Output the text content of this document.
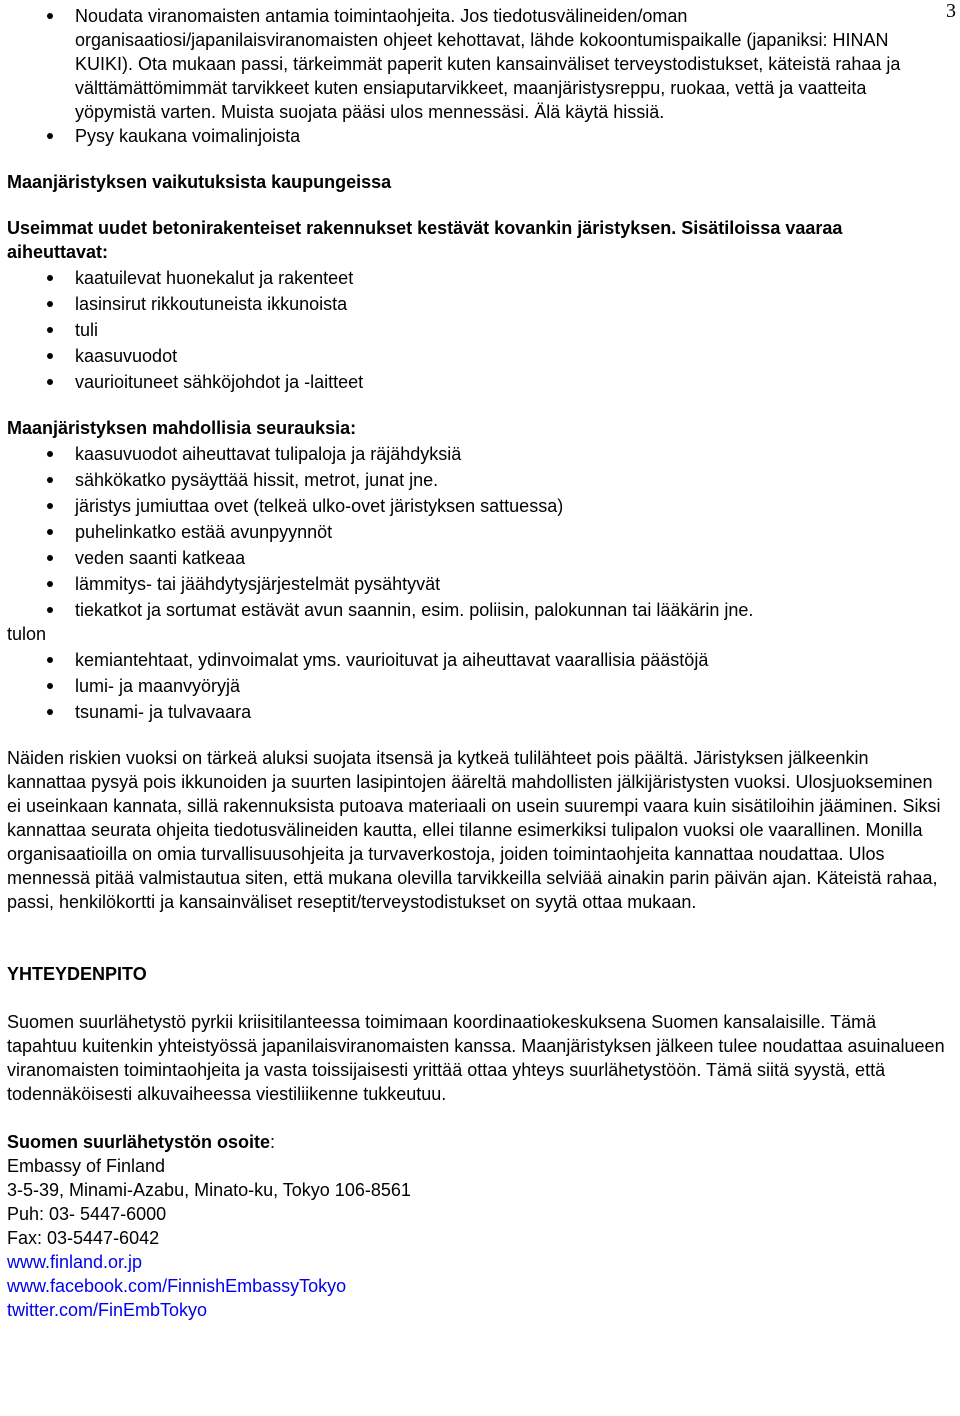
3
Noudata viranomaisten antamia toimintaohjeita. Jos tiedotusvälineiden/oman organisaatiosi/japanilaisviranomaisten ohjeet kehottavat, lähde kokoontumispaikalle (japaniksi: HINAN KUIKI). Ota mukaan passi, tärkeimmät paperit kuten kansainväliset terveystodistukset, käteistä rahaa ja välttämättömimmät tarvikkeet kuten ensiaputarvikkeet, maanjäristysreppu, ruokaa, vettä ja vaatteita yöpymistä varten. Muista suojata pääsi ulos mennessäsi. Älä käytä hissiä.
Pysy kaukana voimalinjoista

Maanjäristyksen vaikutuksista kaupungeissa

Useimmat uudet betonirakenteiset rakennukset kestävät kovankin järistyksen. Sisätiloissa vaaraa aiheuttavat:

kaatuilevat huonekalut ja rakenteet
lasinsirut rikkoutuneista ikkunoista
tuli
kaasuvuodot
vaurioituneet sähköjohdot ja -laitteet

Maanjäristyksen mahdollisia seurauksia:

kaasuvuodot aiheuttavat tulipaloja ja räjähdyksiä
sähkökatko pysäyttää hissit, metrot, junat jne.
järistys jumiuttaa ovet (telkeä ulko-ovet järistyksen sattuessa)
puhelinkatko estää avunpyynnöt
veden saanti katkeaa
lämmitys- tai jäähdytysjärjestelmät pysähtyvät
tiekatkot ja sortumat estävät avun saannin, esim. poliisin, palokunnan tai lääkärin jne.
tulon
kemiantehtaat, ydinvoimalat yms. vaurioituvat ja aiheuttavat vaarallisia päästöjä
lumi- ja maanvyöryjä
tsunami- ja tulvavaara

Näiden riskien vuoksi on tärkeä aluksi suojata itsensä ja kytkeä tulilähteet pois päältä. Järistyksen jälkeenkin kannattaa pysyä pois ikkunoiden ja suurten lasipintojen ääreltä mahdollisten jälkijäristysten vuoksi. Ulosjuokseminen ei useinkaan kannata, sillä rakennuksista putoava materiaali on usein suurempi vaara kuin sisätiloihin jääminen. Siksi kannattaa seurata ohjeita tiedotusvälineiden kautta, ellei tilanne esimerkiksi tulipalon vuoksi ole vaarallinen. Monilla organisaatioilla on omia turvallisuusohjeita ja turvaverkostoja, joiden toimintaohjeita kannattaa noudattaa. Ulos mennessä pitää valmistautua siten, että mukana olevilla tarvikkeilla selviää ainakin parin päivän ajan. Käteistä rahaa, passi, henkilökortti ja kansainväliset reseptit/terveystodistukset on syytä ottaa mukaan.

YHTEYDENPITO

Suomen suurlähetystö pyrkii kriisitilanteessa toimimaan koordinaatiokeskuksena Suomen kansalaisille. Tämä tapahtuu kuitenkin yhteistyössä japanilaisviranomaisten kanssa. Maanjäristyksen jälkeen tulee noudattaa asuinalueen viranomaisten toimintaohjeita ja vasta toissijaisesti yrittää ottaa yhteys suurlähetystöön. Tämä siitä syystä, että todennäköisesti alkuvaiheessa viestiliikenne tukkeutuu.

Suomen suurlähetystön osoite:

Embassy of Finland

3-5-39, Minami-Azabu, Minato-ku, Tokyo 106-8561

Puh: 03- 5447-6000

Fax: 03-5447-6042

www.finland.or.jp
www.facebook.com/FinnishEmbassyTokyo
twitter.com/FinEmbTokyo
